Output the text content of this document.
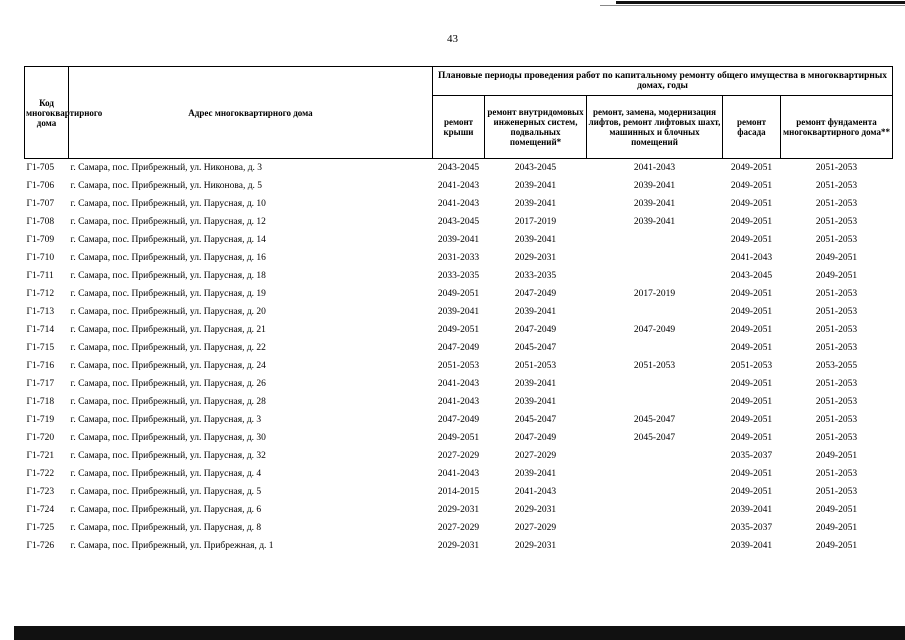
43
Код многоквартирного дома	Адрес многоквартирного дома	Плановые периоды проведения работ по капитальному ремонту общего имущества в многоквартирных домах, годы				
		ремонт крыши	ремонт внутридомовых инженерных систем, подвальных помещений*	ремонт, замена, модернизация лифтов, ремонт лифтовых шахт, машинных и блочных помещений	ремонт фасада	ремонт фундамента многоквартирного дома**
Г1-705	г. Самара, пос. Прибрежный, ул. Никонова, д. 3	2043-2045	2043-2045	2041-2043	2049-2051	2051-2053
Г1-706	г. Самара, пос. Прибрежный, ул. Никонова, д. 5	2041-2043	2039-2041	2039-2041	2049-2051	2051-2053
Г1-707	г. Самара, пос. Прибрежный, ул. Парусная, д. 10	2041-2043	2039-2041	2039-2041	2049-2051	2051-2053
Г1-708	г. Самара, пос. Прибрежный, ул. Парусная, д. 12	2043-2045	2017-2019	2039-2041	2049-2051	2051-2053
Г1-709	г. Самара, пос. Прибрежный, ул. Парусная, д. 14	2039-2041	2039-2041		2049-2051	2051-2053
Г1-710	г. Самара, пос. Прибрежный, ул. Парусная, д. 16	2031-2033	2029-2031		2041-2043	2049-2051
Г1-711	г. Самара, пос. Прибрежный, ул. Парусная, д. 18	2033-2035	2033-2035		2043-2045	2049-2051
Г1-712	г. Самара, пос. Прибрежный, ул. Парусная, д. 19	2049-2051	2047-2049	2017-2019	2049-2051	2051-2053
Г1-713	г. Самара, пос. Прибрежный, ул. Парусная, д. 20	2039-2041	2039-2041		2049-2051	2051-2053
Г1-714	г. Самара, пос. Прибрежный, ул. Парусная, д. 21	2049-2051	2047-2049	2047-2049	2049-2051	2051-2053
Г1-715	г. Самара, пос. Прибрежный, ул. Парусная, д. 22	2047-2049	2045-2047		2049-2051	2051-2053
Г1-716	г. Самара, пос. Прибрежный, ул. Парусная, д. 24	2051-2053	2051-2053	2051-2053	2051-2053	2053-2055
Г1-717	г. Самара, пос. Прибрежный, ул. Парусная, д. 26	2041-2043	2039-2041		2049-2051	2051-2053
Г1-718	г. Самара, пос. Прибрежный, ул. Парусная, д. 28	2041-2043	2039-2041		2049-2051	2051-2053
Г1-719	г. Самара, пос. Прибрежный, ул. Парусная, д. 3	2047-2049	2045-2047	2045-2047	2049-2051	2051-2053
Г1-720	г. Самара, пос. Прибрежный, ул. Парусная, д. 30	2049-2051	2047-2049	2045-2047	2049-2051	2051-2053
Г1-721	г. Самара, пос. Прибрежный, ул. Парусная, д. 32	2027-2029	2027-2029		2035-2037	2049-2051
Г1-722	г. Самара, пос. Прибрежный, ул. Парусная, д. 4	2041-2043	2039-2041		2049-2051	2051-2053
Г1-723	г. Самара, пос. Прибрежный, ул. Парусная, д. 5	2014-2015	2041-2043		2049-2051	2051-2053
Г1-724	г. Самара, пос. Прибрежный, ул. Парусная, д. 6	2029-2031	2029-2031		2039-2041	2049-2051
Г1-725	г. Самара, пос. Прибрежный, ул. Парусная, д. 8	2027-2029	2027-2029		2035-2037	2049-2051
Г1-726	г. Самара, пос. Прибрежный, ул. Прибрежная, д. 1	2029-2031	2029-2031		2039-2041	2049-2051
